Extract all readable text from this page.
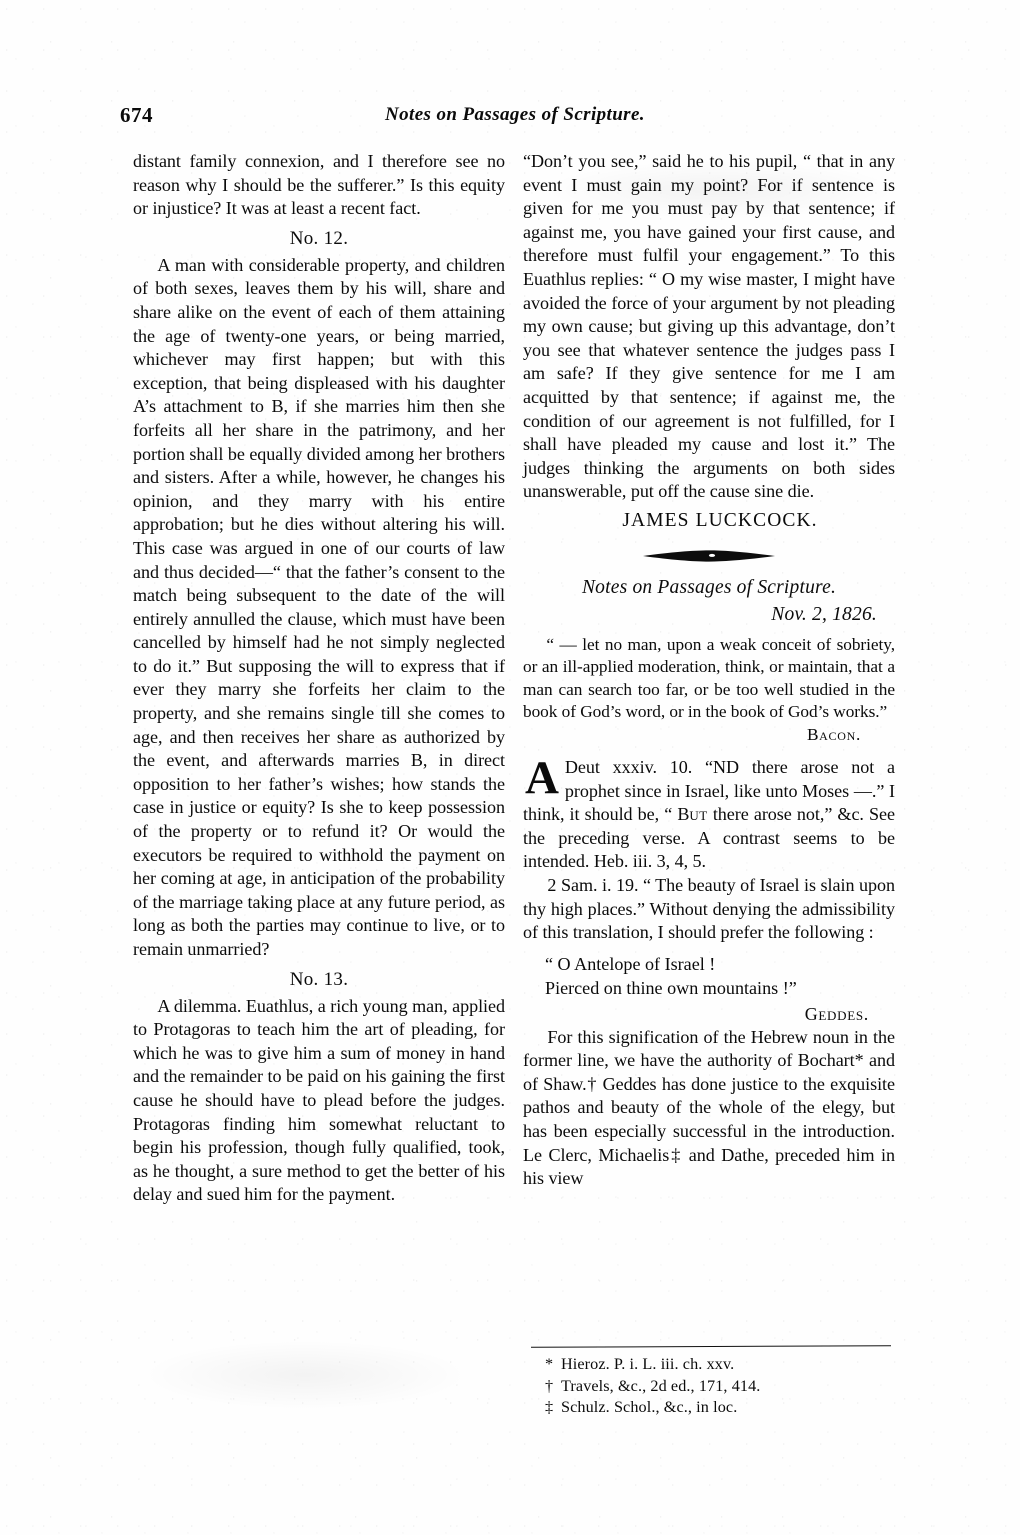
674	Notes on Passages of Scripture.

distant family connexion, and I therefore see no reason why I should be the sufferer.” Is this equity or injustice? It was at least a recent fact.

No. 12.

A man with considerable property, and children of both sexes, leaves them by his will, share and share alike on the event of each of them attaining the age of twenty-one years, or being married, whichever may first happen; but with this exception, that being displeased with his daughter A’s attachment to B, if she marries him then she forfeits all her share in the patrimony, and her portion shall be equally divided among her brothers and sisters. After a while, however, he changes his opinion, and they marry with his entire approbation; but he dies without altering his will. This case was argued in one of our courts of law and thus decided—“ that the father’s consent to the match being subsequent to the date of the will entirely annulled the clause, which must have been cancelled by himself had he not simply neglected to do it.” But supposing the will to express that if ever they marry she forfeits her claim to the property, and she remains single till she comes to age, and then receives her share as authorized by the event, and afterwards marries B, in direct opposition to her father’s wishes; how stands the case in justice or equity? Is she to keep possession of the property or to refund it? Or would the executors be required to withhold the payment on her coming at age, in anticipation of the probability of the marriage taking place at any future period, as long as both the parties may continue to live, or to remain unmarried?

No. 13.

A dilemma. Euathlus, a rich young man, applied to Protagoras to teach him the art of pleading, for which he was to give him a sum of money in hand and the remainder to be paid on his gaining the first cause he should have to plead before the judges. Protagoras finding him somewhat reluctant to begin his profession, though fully qualified, took, as he thought, a sure method to get the better of his delay and sued him for the payment.

“Don’t you see,” said he to his pupil, “ that in any event I must gain my point? For if sentence is given for me you must pay by that sentence; if against me, you have gained your first cause, and therefore must fulfil your engagement.” To this Euathlus replies: “ O my wise master, I might have avoided the force of your argument by not pleading my own cause; but giving up this advantage, don’t you see that whatever sentence the judges pass I am safe? If they give sentence for me I am acquitted by that sentence; if against me, the condition of our agreement is not fulfilled, for I shall have pleaded my cause and lost it.” The judges thinking the arguments on both sides unanswerable, put off the cause sine die.

JAMES LUCKCOCK.
Notes on Passages of Scripture.
Nov. 2, 1826.

“ — let no man, upon a weak conceit of sobriety, or an ill-applied moderation, think, or maintain, that a man can search too far, or be too well studied in the book of God’s word, or in the book of God’s works.”

Bacon.

Deut xxxiv. 10. “
A	ND there arose not a prophet since in Israel, like unto Moses —.” I think, it should be, “ But there arose not,” &c. See the preceding verse. A contrast seems to be intended. Heb. iii. 3, 4, 5.

2 Sam. i. 19. “ The beauty of Israel is slain upon thy high places.” Without denying the admissibility of this translation, I should prefer the following :

“ O Antelope of Israel !
Pierced on thine own mountains !”
Geddes.

For this signification of the Hebrew noun in the former line, we have the authority of Bochart* and of Shaw.† Geddes has done justice to the exquisite pathos and beauty of the whole of the elegy, but has been especially successful in the introduction. Le Clerc, Michaelis‡ and Dathe, preceded him in his view

* Hieroz. P. i. L. iii. ch. xxv.
† Travels, &c., 2d ed., 171, 414.
‡ Schulz. Schol., &c., in loc.
